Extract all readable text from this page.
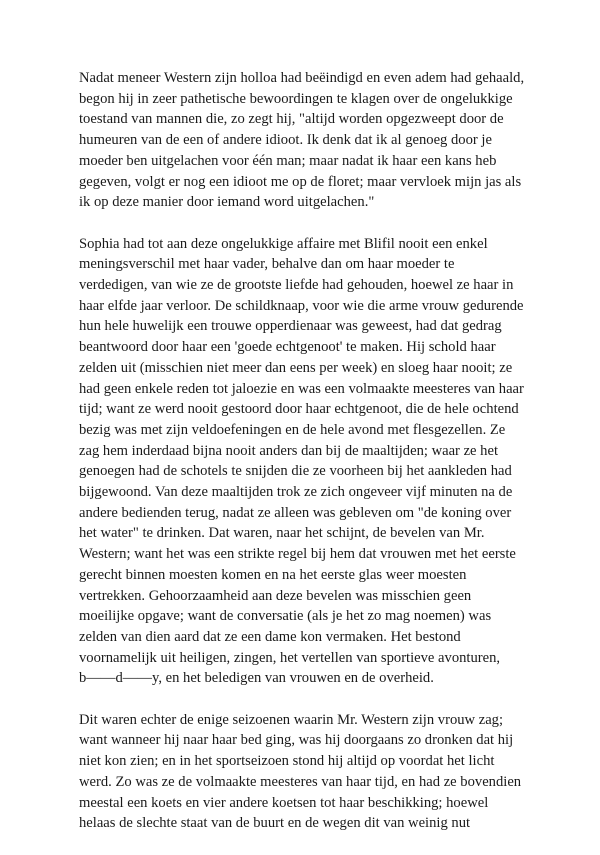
Nadat meneer Western zijn holloa had beëindigd en even adem had gehaald,
begon hij in zeer pathetische bewoordingen te klagen over de ongelukkige
toestand van mannen die, zo zegt hij, "altijd worden opgezweept door de
humeuren van de een of andere idioot. Ik denk dat ik al genoeg door je
moeder ben uitgelachen voor één man; maar nadat ik haar een kans heb
gegeven, volgt er nog een idioot me op de floret; maar vervloek mijn jas als
ik op deze manier door iemand word uitgelachen."

Sophia had tot aan deze ongelukkige affaire met Blifil nooit een enkel
meningsverschil met haar vader, behalve dan om haar moeder te
verdedigen, van wie ze de grootste liefde had gehouden, hoewel ze haar in
haar elfde jaar verloor. De schildknaap, voor wie die arme vrouw gedurende
hun hele huwelijk een trouwe opperdienaar was geweest, had dat gedrag
beantwoord door haar een 'goede echtgenoot' te maken. Hij schold haar
zelden uit (misschien niet meer dan eens per week) en sloeg haar nooit; ze
had geen enkele reden tot jaloezie en was een volmaakte meesteres van haar
tijd; want ze werd nooit gestoord door haar echtgenoot, die de hele ochtend
bezig was met zijn veldoefeningen en de hele avond met flesgezellen. Ze
zag hem inderdaad bijna nooit anders dan bij de maaltijden; waar ze het
genoegen had de schotels te snijden die ze voorheen bij het aankleden had
bijgewoond. Van deze maaltijden trok ze zich ongeveer vijf minuten na de
andere bedienden terug, nadat ze alleen was gebleven om "de koning over
het water" te drinken. Dat waren, naar het schijnt, de bevelen van Mr.
Western; want het was een strikte regel bij hem dat vrouwen met het eerste
gerecht binnen moesten komen en na het eerste glas weer moesten
vertrekken. Gehoorzaamheid aan deze bevelen was misschien geen
moeilijke opgave; want de conversatie (als je het zo mag noemen) was
zelden van dien aard dat ze een dame kon vermaken. Het bestond
voornamelijk uit heiligen, zingen, het vertellen van sportieve avonturen,
b——d——y, en het beledigen van vrouwen en de overheid.

Dit waren echter de enige seizoenen waarin Mr. Western zijn vrouw zag;
want wanneer hij naar haar bed ging, was hij doorgaans zo dronken dat hij
niet kon zien; en in het sportseizoen stond hij altijd op voordat het licht
werd. Zo was ze de volmaakte meesteres van haar tijd, en had ze bovendien
meestal een koets en vier andere koetsen tot haar beschikking; hoewel
helaas de slechte staat van de buurt en de wegen dit van weinig nut
